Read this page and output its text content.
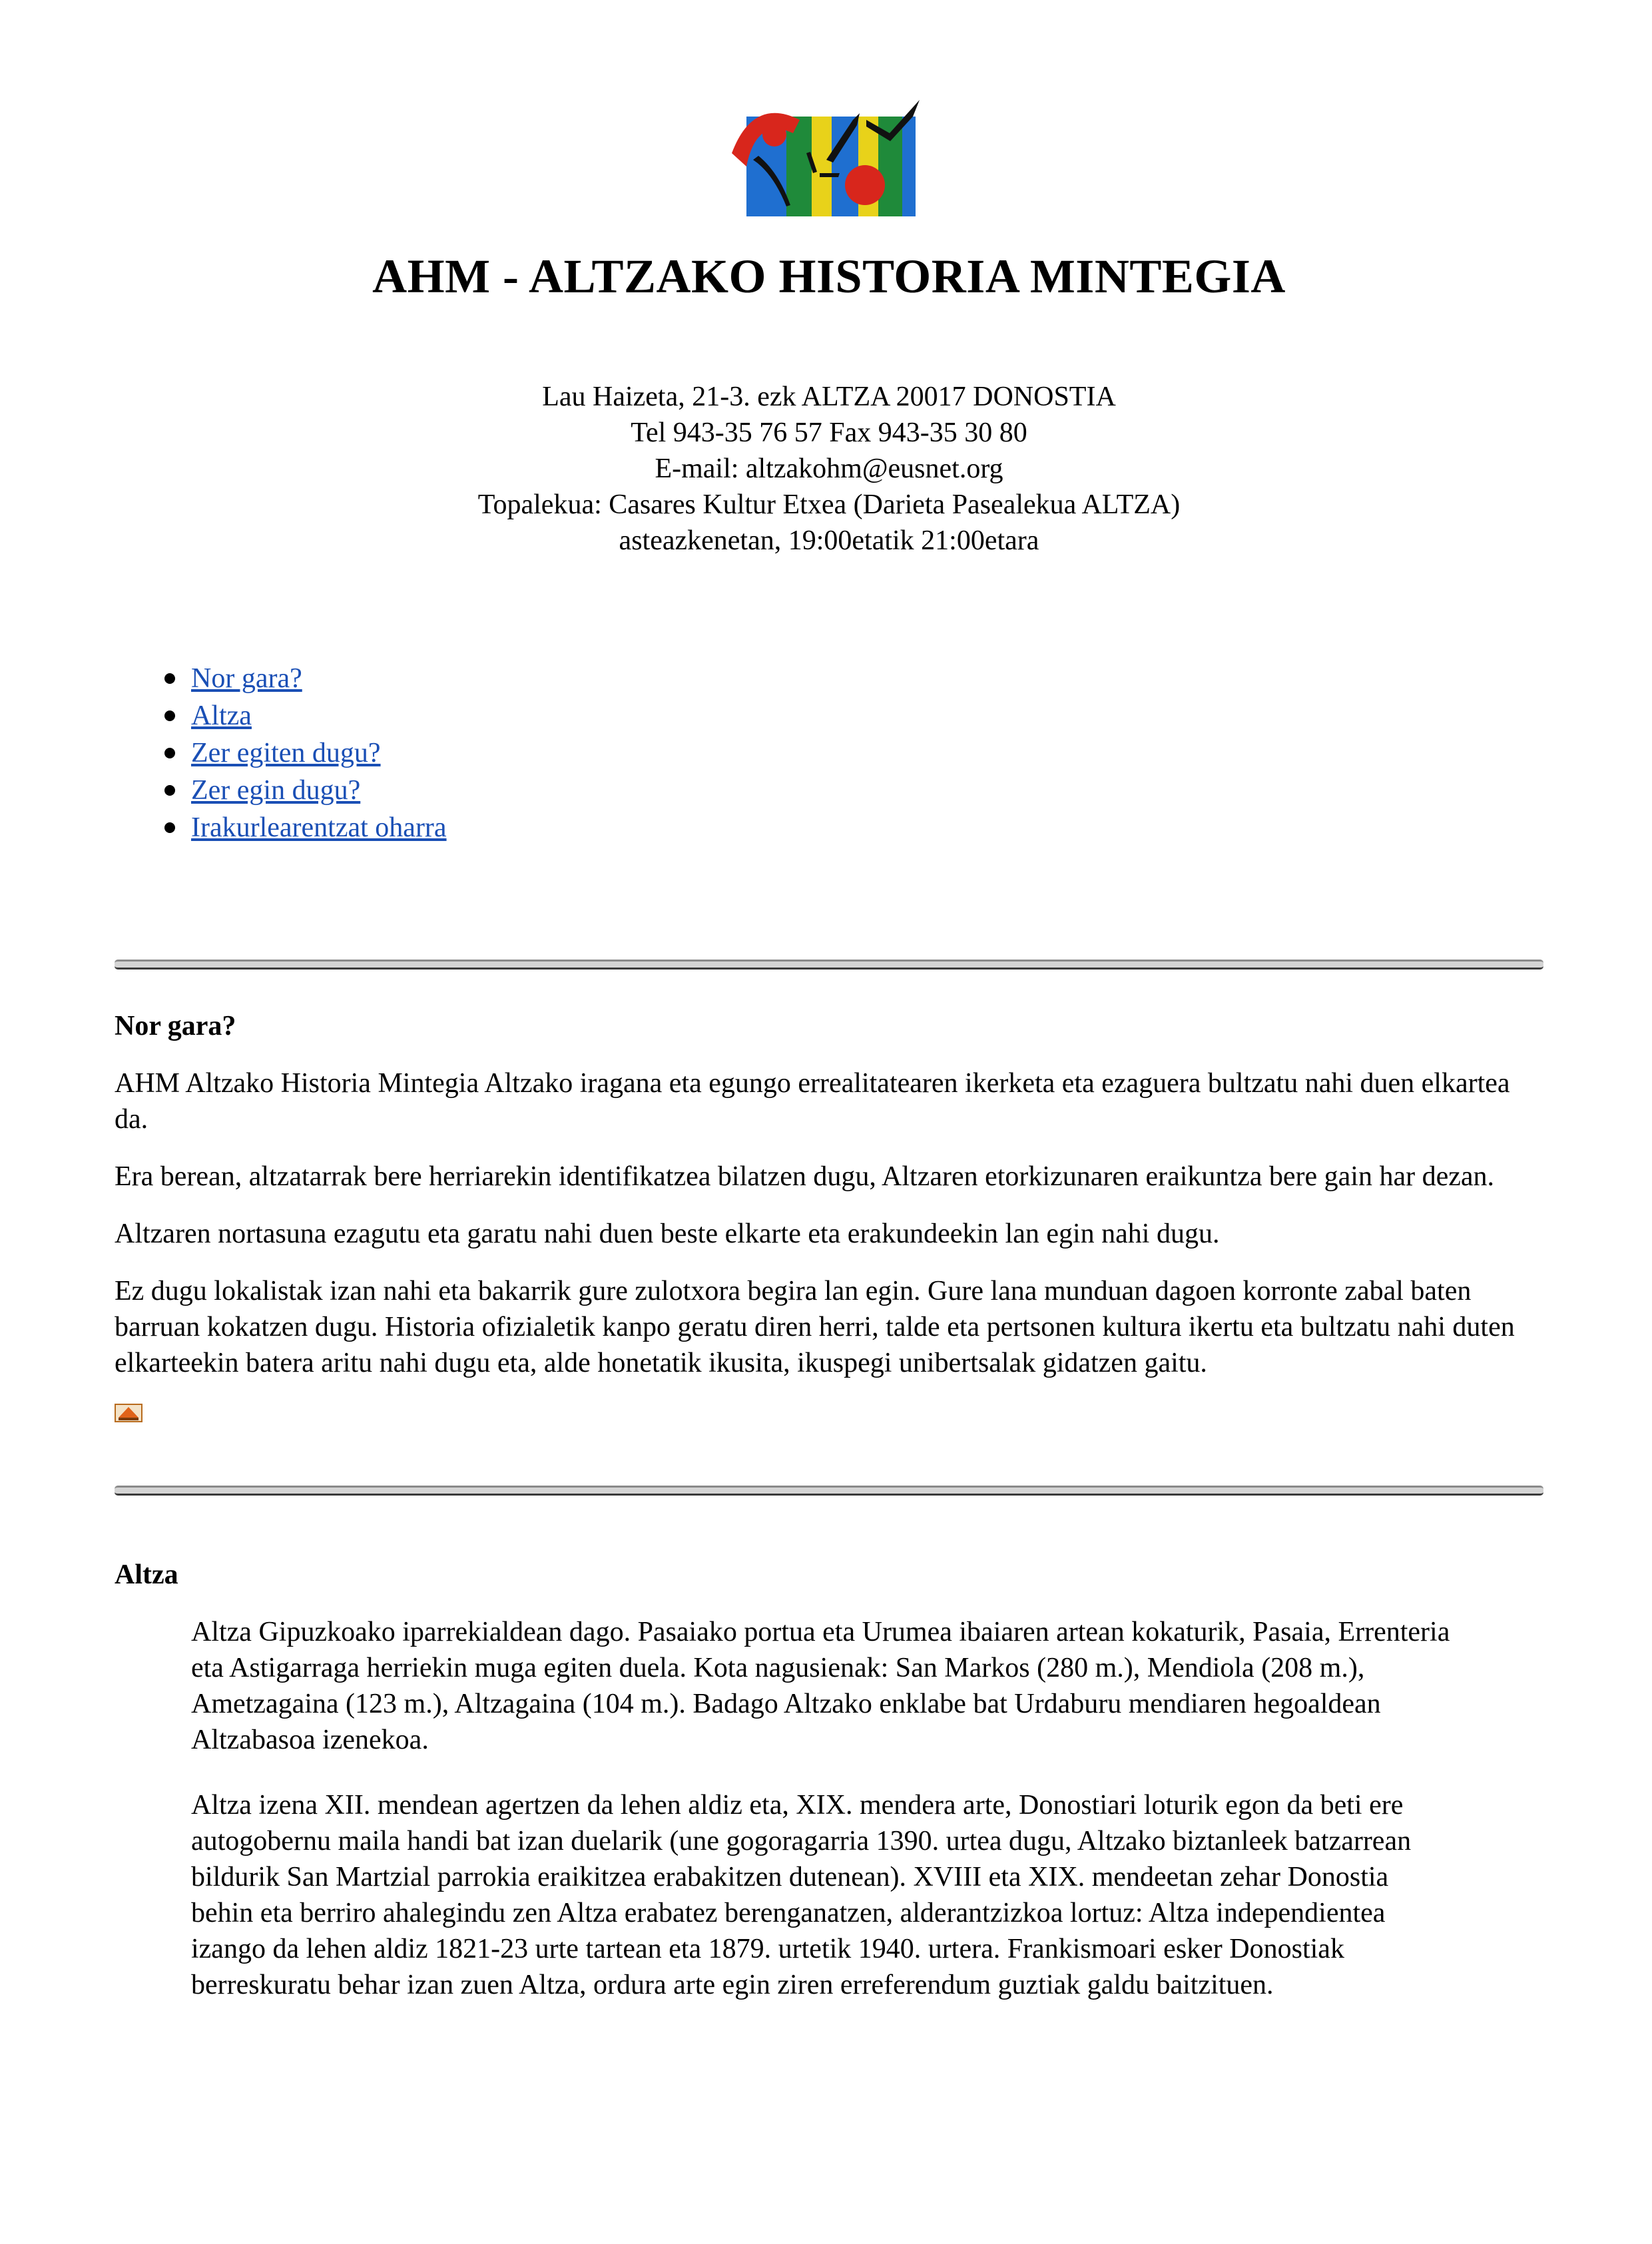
AHM - ALTZAKO HISTORIA MINTEGIA
Lau Haizeta, 21-3. ezk ALTZA 20017 DONOSTIA
Tel 943-35 76 57 Fax 943-35 30 80
E-mail: altzakohm@eusnet.org
Topalekua: Casares Kultur Etxea (Darieta Pasealekua ALTZA)
asteazkenetan, 19:00etatik 21:00etara
Nor gara?
Altza
Zer egiten dugu?
Zer egin dugu?
Irakurlearentzat oharra
Nor gara?

AHM Altzako Historia Mintegia Altzako iragana eta egungo errealitatearen ikerketa eta ezaguera bultzatu nahi duen elkartea da.

Era berean, altzatarrak bere herriarekin identifikatzea bilatzen dugu, Altzaren etorkizunaren eraikuntza bere gain har dezan.

Altzaren nortasuna ezagutu eta garatu nahi duen beste elkarte eta erakundeekin lan egin nahi dugu.

Ez dugu lokalistak izan nahi eta bakarrik gure zulotxora begira lan egin. Gure lana munduan dagoen korronte zabal baten barruan kokatzen dugu. Historia ofizialetik kanpo geratu diren herri, talde eta pertsonen kultura ikertu eta bultzatu nahi duten elkarteekin batera aritu nahi dugu eta, alde honetatik ikusita, ikuspegi unibertsalak gidatzen gaitu.

Altza

Altza Gipuzkoako iparrekialdean dago. Pasaiako portua eta Urumea ibaiaren artean kokaturik, Pasaia, Errenteria eta Astigarraga herriekin muga egiten duela. Kota nagusienak: San Markos (280 m.), Mendiola (208 m.), Ametzagaina (123 m.), Altzagaina (104 m.). Badago Altzako enklabe bat Urdaburu mendiaren hegoaldean Altzabasoa izenekoa.

Altza izena XII. mendean agertzen da lehen aldiz eta, XIX. mendera arte, Donostiari loturik egon da beti ere autogobernu maila handi bat izan duelarik (une gogoragarria 1390. urtea dugu, Altzako biztanleek batzarrean bildurik San Martzial parrokia eraikitzea erabakitzen dutenean). XVIII eta XIX. mendeetan zehar Donostia behin eta berriro ahalegindu zen Altza erabatez berenganatzen, alderantzizkoa lortuz: Altza independientea izango da lehen aldiz 1821-23 urte tartean eta 1879. urtetik 1940. urtera. Frankismoari esker Donostiak berreskuratu behar izan zuen Altza, ordura arte egin ziren erreferendum guztiak galdu baitzituen.
